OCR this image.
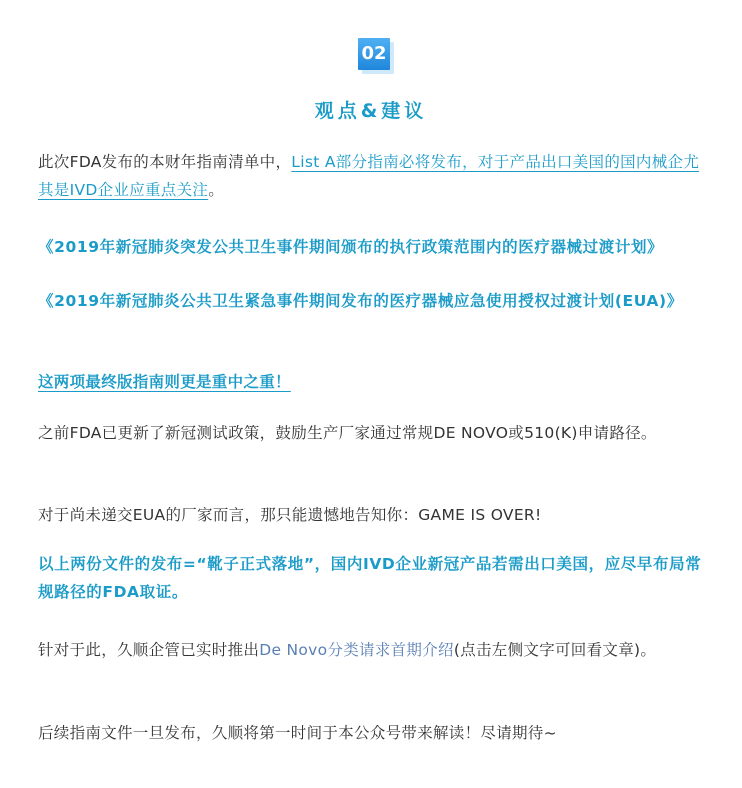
02
观点&建议

此次FDA发布的本财年指南清单中，List A部分指南必将发布，对于产品出口美国的国内械企尤其是IVD企业应重点关注。

《2019年新冠肺炎突发公共卫生事件期间颁布的执行政策范围内的医疗器械过渡计划》

《2019年新冠肺炎公共卫生紧急事件期间发布的医疗器械应急使用授权过渡计划(EUA)》

这两项最终版指南则更是重中之重！

之前FDA已更新了新冠测试政策，鼓励生产厂家通过常规DE NOVO或510(K)申请路径。

对于尚未递交EUA的厂家而言，那只能遗憾地告知你：GAME IS OVER!

以上两份文件的发布=“靴子正式落地”，国内IVD企业新冠产品若需出口美国，应尽早布局常规路径的FDA取证。

针对于此，久顺企管已实时推出De Novo分类请求首期介绍(点击左侧文字可回看文章)。

后续指南文件一旦发布，久顺将第一时间于本公众号带来解读！尽请期待~
